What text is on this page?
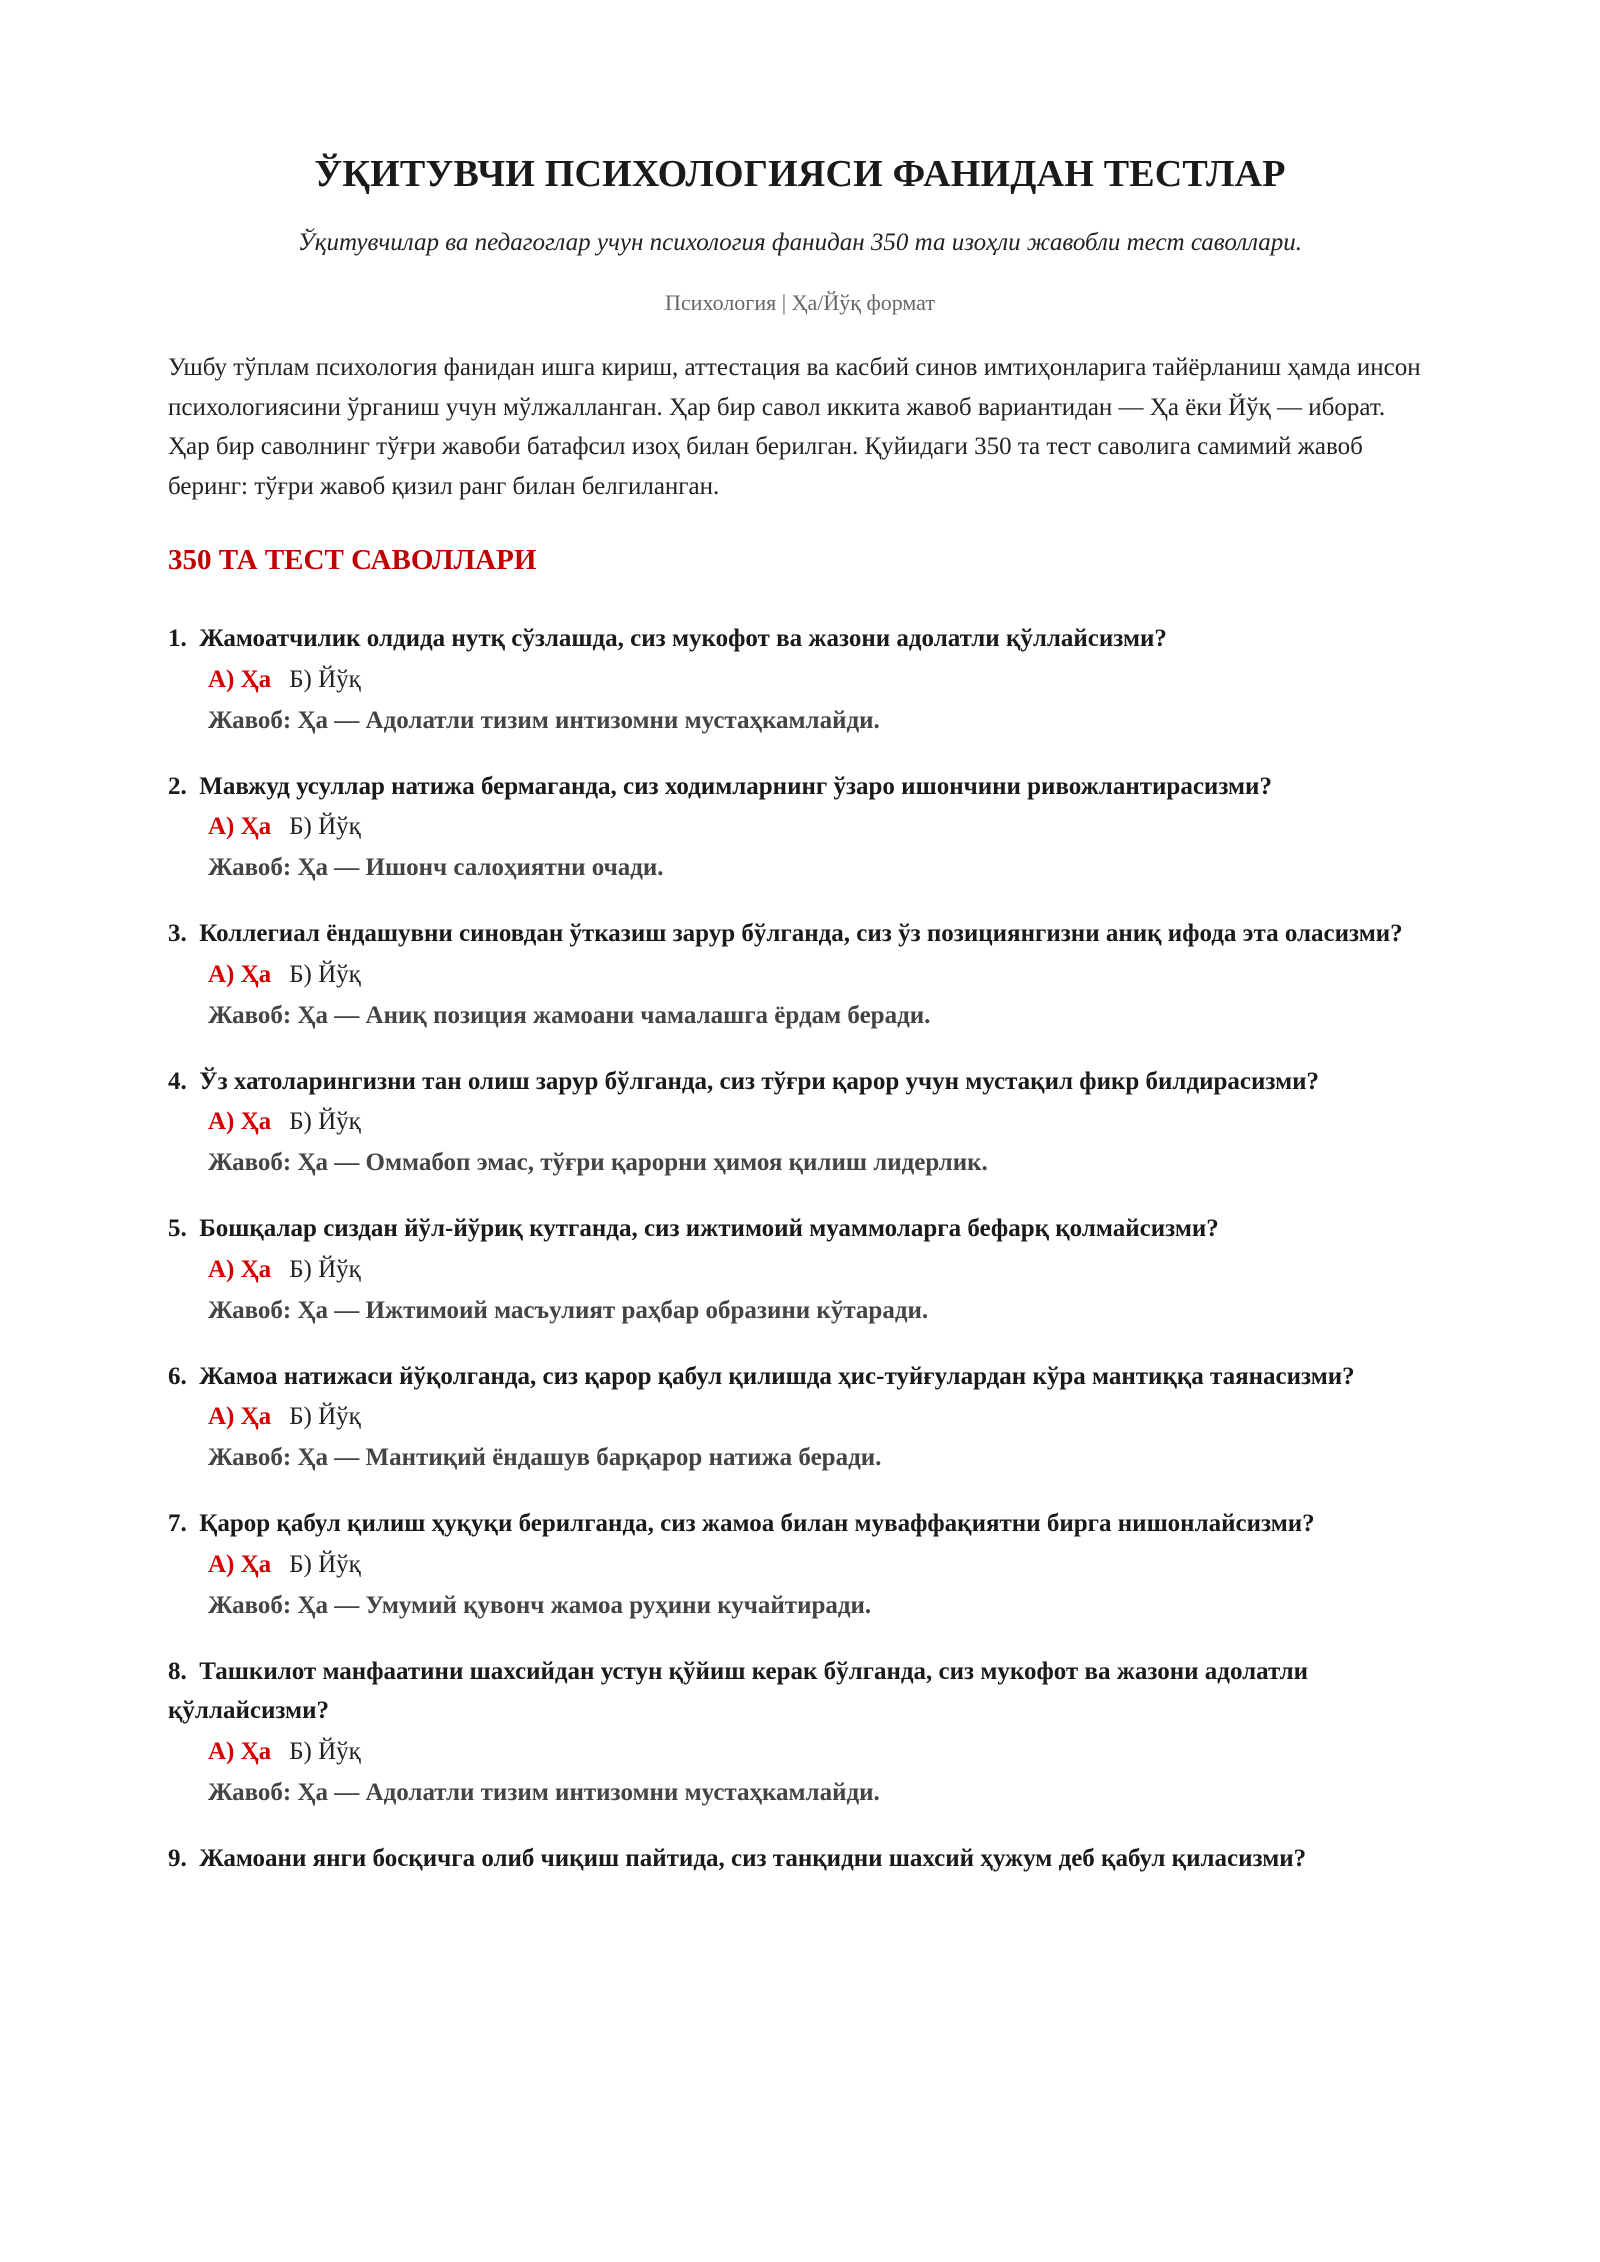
ЎҚИТУВЧИ ПСИХОЛОГИЯСИ ФАНИДАН ТЕСТЛАР

Ўқитувчилар ва педагоглар учун психология фанидан 350 та изоҳли жавобли тест саволлари.

Психология | Ҳа/Йўқ формат

Ушбу тўплам психология фанидан ишга кириш, аттестация ва касбий синов имтиҳонларига тайёрланиш ҳамда инсон психологиясини ўрганиш учун мўлжалланган. Ҳар бир савол иккита жавоб вариантидан — Ҳа ёки Йўқ — иборат. Ҳар бир саволнинг тўғри жавоби батафсил изоҳ билан берилган. Қуйидаги 350 та тест саволига самимий жавоб беринг: тўғри жавоб қизил ранг билан белгиланган.

350 ТА ТЕСТ САВОЛЛАРИ
1. Жамоатчилик олдида нутқ сўзлашда, сиз мукофот ва жазони адолатли қўллайсизми?
А) Ҳа Б) Йўқ
Жавоб: Ҳа — Адолатли тизим интизомни мустаҳкамлайди.
2. Мавжуд усуллар натижа бермаганда, сиз ходимларнинг ўзаро ишончини ривожлантирасизми?
А) Ҳа Б) Йўқ
Жавоб: Ҳа — Ишонч салоҳиятни очади.
3. Коллегиал ёндашувни синовдан ўтказиш зарур бўлганда, сиз ўз позициянгизни аниқ ифода эта оласизми?
А) Ҳа Б) Йўқ
Жавоб: Ҳа — Аниқ позиция жамоани чамалашга ёрдам беради.
4. Ўз хатоларингизни тан олиш зарур бўлганда, сиз тўғри қарор учун мустақил фикр билдирасизми?
А) Ҳа Б) Йўқ
Жавоб: Ҳа — Оммабоп эмас, тўғри қарорни ҳимоя қилиш лидерлик.
5. Бошқалар сиздан йўл-йўриқ кутганда, сиз ижтимоий муаммоларга бефарқ қолмайсизми?
А) Ҳа Б) Йўқ
Жавоб: Ҳа — Ижтимоий масъулият раҳбар образини кўтаради.
6. Жамоа натижаси йўқолганда, сиз қарор қабул қилишда ҳис-туйғулардан кўра мантиққа таянасизми?
А) Ҳа Б) Йўқ
Жавоб: Ҳа — Мантиқий ёндашув барқарор натижа беради.
7. Қарор қабул қилиш ҳуқуқи берилганда, сиз жамоа билан муваффақиятни бирга нишонлайсизми?
А) Ҳа Б) Йўқ
Жавоб: Ҳа — Умумий қувонч жамоа руҳини кучайтиради.
8. Ташкилот манфаатини шахсийдан устун қўйиш керак бўлганда, сиз мукофот ва жазони адолатли қўллайсизми?
А) Ҳа Б) Йўқ
Жавоб: Ҳа — Адолатли тизим интизомни мустаҳкамлайди.
9. Жамоани янги босқичга олиб чиқиш пайтида, сиз танқидни шахсий ҳужум деб қабул қиласизми?
